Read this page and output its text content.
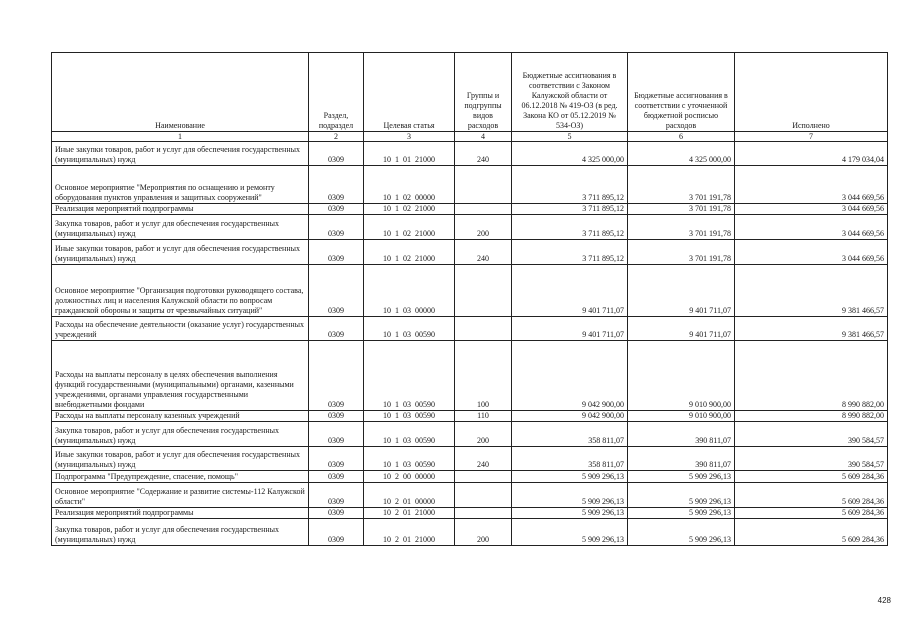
Наименование	Раздел, подраздел	Целевая статья	Группы и подгруппы видов расходов	Бюджетные ассигнования в соответствии с Законом Калужской области от 06.12.2018 № 419-ОЗ (в ред. Закона КО от 05.12.2019 № 534-ОЗ)	Бюджетные ассигнования в соответствии с уточненной бюджетной росписью расходов	Исполнено
1	2	3	4	5	6	7
Иные закупки товаров, работ и услуг для обеспечения государственных (муниципальных) нужд	0309	10  1  01  21000	240	4 325 000,00	4 325 000,00	4 179 034,04
Основное мероприятие "Мероприятия по оснащению и ремонту оборудования пунктов управления и защитных сооружений"	0309	10  1  02  00000		3 711 895,12	3 701 191,78	3 044 669,56
Реализация мероприятий подпрограммы	0309	10  1  02  21000		3 711 895,12	3 701 191,78	3 044 669,56
Закупка товаров, работ и услуг для обеспечения государственных (муниципальных) нужд	0309	10  1  02  21000	200	3 711 895,12	3 701 191,78	3 044 669,56
Иные закупки товаров, работ и услуг для обеспечения государственных (муниципальных) нужд	0309	10  1  02  21000	240	3 711 895,12	3 701 191,78	3 044 669,56
Основное мероприятие "Организация подготовки руководящего состава, должностных лиц и населения Калужской области по вопросам гражданской обороны и защиты от чрезвычайных ситуаций"	0309	10  1  03  00000		9 401 711,07	9 401 711,07	9 381 466,57
Расходы на обеспечение деятельности (оказание услуг) государственных учреждений	0309	10  1  03  00590		9 401 711,07	9 401 711,07	9 381 466,57
Расходы на выплаты персоналу в целях обеспечения выполнения функций государственными (муниципальными) органами, казенными учреждениями, органами управления государственными внебюджетными фондами	0309	10  1  03  00590	100	9 042 900,00	9 010 900,00	8 990 882,00
Расходы на выплаты персоналу казенных учреждений	0309	10  1  03  00590	110	9 042 900,00	9 010 900,00	8 990 882,00
Закупка товаров, работ и услуг для обеспечения государственных (муниципальных) нужд	0309	10  1  03  00590	200	358 811,07	390 811,07	390 584,57
Иные закупки товаров, работ и услуг для обеспечения государственных (муниципальных) нужд	0309	10  1  03  00590	240	358 811,07	390 811,07	390 584,57
Подпрограмма "Предупреждение, спасение, помощь"	0309	10  2  00  00000		5 909 296,13	5 909 296,13	5 609 284,36
Основное мероприятие "Содержание и развитие системы-112 Калужской области"	0309	10  2  01  00000		5 909 296,13	5 909 296,13	5 609 284,36
Реализация мероприятий подпрограммы	0309	10  2  01  21000		5 909 296,13	5 909 296,13	5 609 284,36
Закупка товаров, работ и услуг для обеспечения государственных (муниципальных) нужд	0309	10  2  01  21000	200	5 909 296,13	5 909 296,13	5 609 284,36
428
